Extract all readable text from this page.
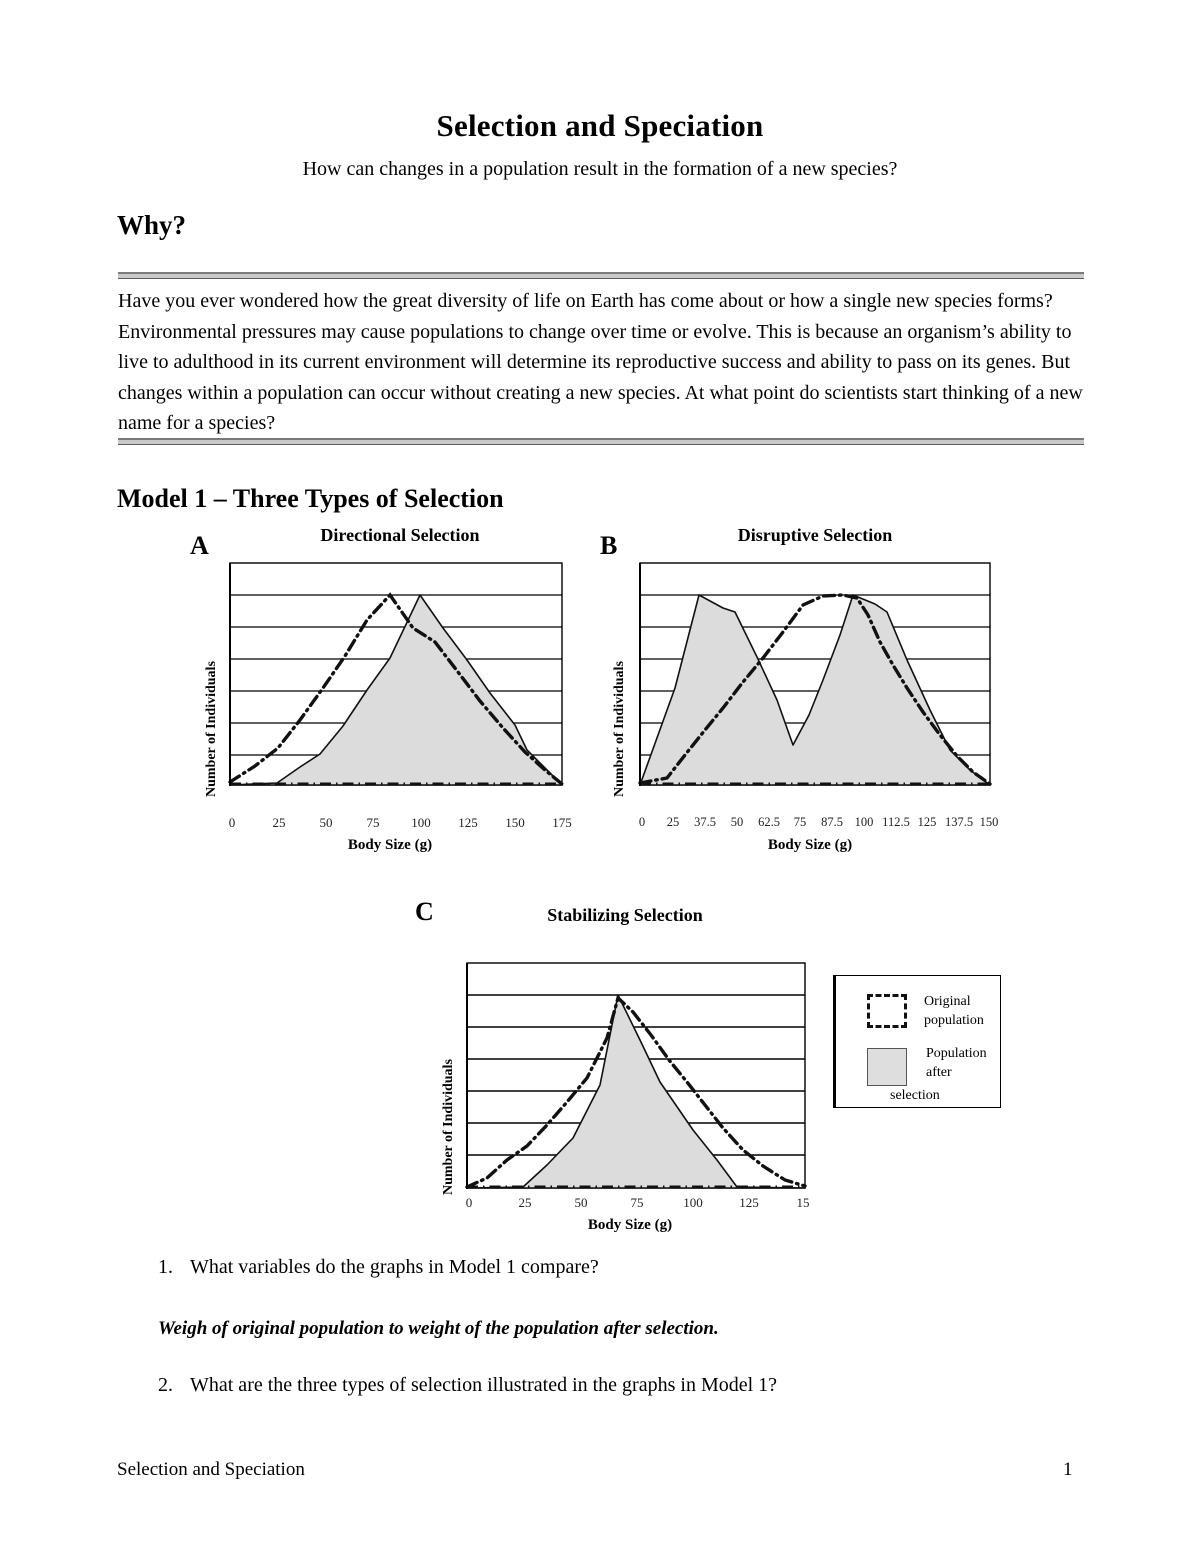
Selection and Speciation
How can changes in a population result in the formation of a new species?
Why?
Have you ever wondered how the great diversity of life on Earth has come about or how a single new species forms? Environmental pressures may cause populations to change over time or evolve. This is because an organism’s ability to live to adulthood in its current environment will determine its reproductive success and ability to pass on its genes. But changes within a population can occur without creating a new species. At what point do scientists start thinking of a new name for a species?
Model 1 – Three Types of Selection
A	Directional Selection
Number of Individuals
0	25	50	75 100 125 150 175
Body Size (g)
B	Disruptive Selection
Number of Individuals
0 25 37.5 50 62.5 75 87.5 100 112.5 125 137.5 150
Body Size (g)
C	Stabilizing Selection
Number of Individuals
0	25	50	75	100	125	15
Body Size (g)
Original
population
Population
after
selection
1. What variables do the graphs in Model 1 compare?
Weigh of original population to weight of the population after selection.
2. What are the three types of selection illustrated in the graphs in Model 1?
Selection and Speciation	1
